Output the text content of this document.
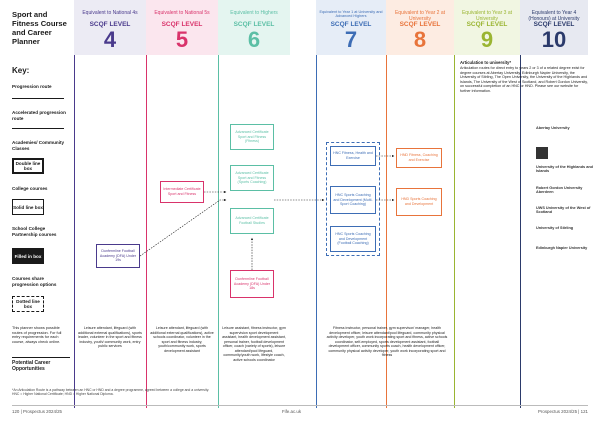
Equivalent to National 4s
SCQF LEVEL
4
Equivalent to National 5s
SCQF LEVEL
5
Equivalent to Highers
SCQF LEVEL
6
Equivalent to Year 1 at University and Advanced Highers
SCQF LEVEL
7
Equivalent to Year 2 at University
SCQF LEVEL
8
Equivalent to Year 3 at University
SCQF LEVEL
9
Equivalent to Year 4 (Honours) at University
SCQF LEVEL
10
Sport and Fitness Course and Career Planner
Key:
Progression route
Accelerated progression route
Academies/ Community Classes
Double line box
College courses
Solid line box
School College Partnership courses
Filled in box
Courses share progression options
Dotted line box
This planner shows possible routes of progression. For full entry requirements for each course, always check online.
Potential Career Opportunities
Dunfermline Football Academy (DFA) Under 19s
Intermediate Certificate Sport and Fitness
Dunfermline Football Academy (DFA) Under 18s
Advanced Certificate Sport and Fitness (Fitness)
Advanced Certificate Sport and Fitness (Sports Coaching)
Advanced Certificate Football Studies
HNC Fitness, Health and Exercise
HNC Sports Coaching and Development (Multi-Sport Coaching)
HNC Sports Coaching and Development (Football Coaching)
HND Fitness, Coaching and Exercise
HND Sports Coaching and Development
Articulation to university*
Articulation routes for direct entry to years 2 or 3 of a related degree exist for degree courses at Abertay University, Edinburgh Napier University, the University of Stirling, The Open University, the University of the Highlands and Islands, The University of the West of Scotland, and Robert Gordon University, on successful completion of an HNC or HND. Please see our website for further information.
Abertay University
University of the Highlands and Islands
Robert Gordon University Aberdeen
UWS University of the West of Scotland
University of Stirling
Edinburgh Napier University
Leisure attendant, lifeguard (with additional external qualifications), sports leader, volunteer in the sport and fitness industry, youth/ community work, entry public services
Leisure attendant, lifeguard (with additional external qualifications), active schools coordinator, volunteer in the sport and fitness industry, youth/community work, sports development assistant
Leisure assistant, fitness instructor, gym supervision sport development assistant, health development assistant, personal trainer, football development officer, coach (variety of sports), leisure attendant/pool lifeguard, community/youth work, lifestyle coach, active schools coordinator
Fitness instructor, personal trainer, gym supervisor/ manager, health development officer, leisure attendant/pool lifeguard, community physical activity developer, youth work incorporating sport and fitness, active schools coordinator, self-employed, sports development assistant, football development officer, community sports coach, health development officer, community physical activity developer, youth work incorporating sport and fitness
*An Articulation Route is a pathway between an HNC or HND and a degree programme, agreed between a college and a university.
HNC = Higher National Certificate; HND = Higher National Diploma.
120 | Prospectus 2024/25	Fife.ac.uk	Prospectus 2024/25 | 121
